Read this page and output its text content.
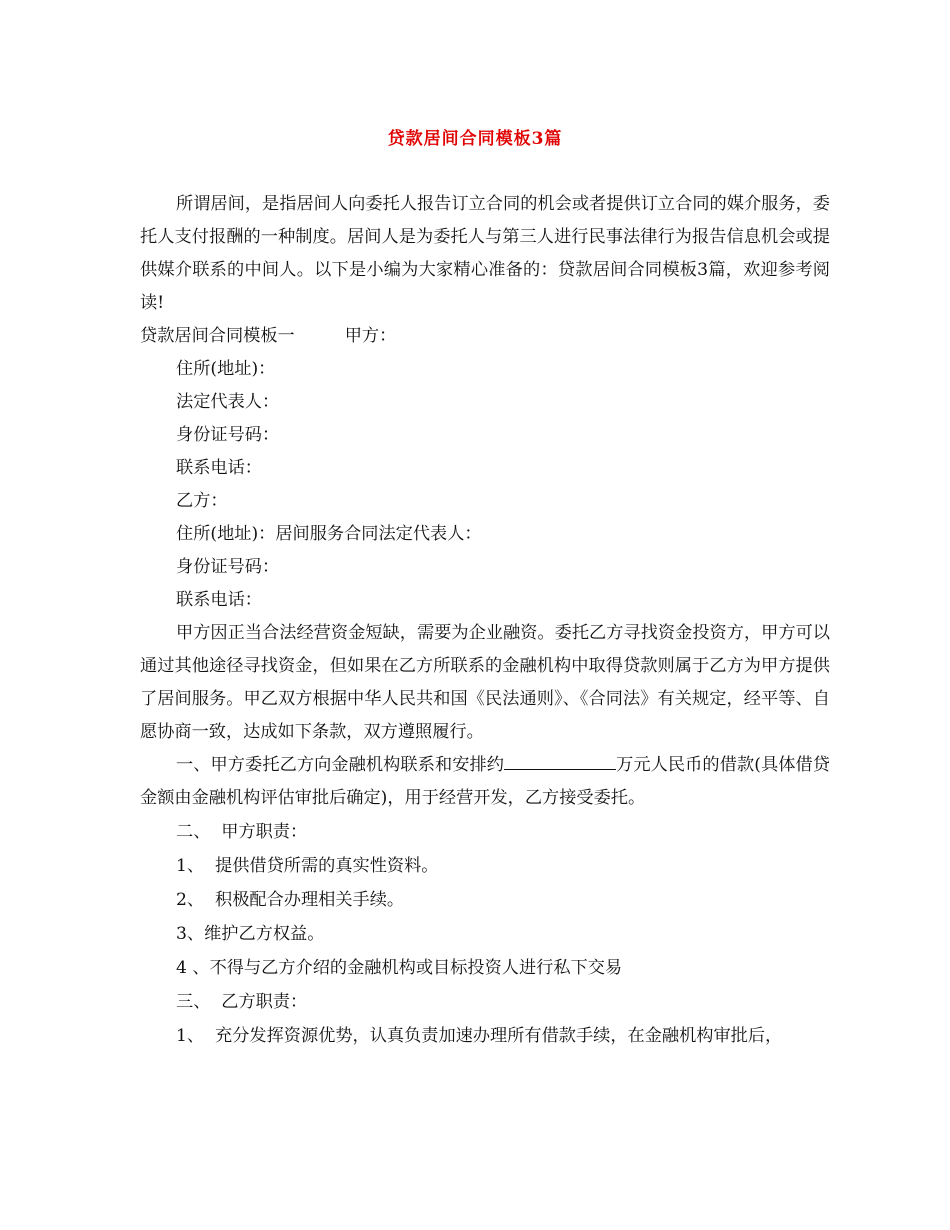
贷款居间合同模板3篇

所谓居间，是指居间人向委托人报告订立合同的机会或者提供订立合同的媒介服务，委托人支付报酬的一种制度。居间人是为委托人与第三人进行民事法律行为报告信息机会或提供媒介联系的中间人。以下是小编为大家精心准备的：贷款居间合同模板3篇，欢迎参考阅读!

贷款居间合同模板一	甲方：

住所(地址)：

法定代表人：

身份证号码：

联系电话：

乙方：

住所(地址)：居间服务合同法定代表人：

身份证号码：

联系电话：

甲方因正当合法经营资金短缺，需要为企业融资。委托乙方寻找资金投资方，甲方可以通过其他途径寻找资金，但如果在乙方所联系的金融机构中取得贷款则属于乙方为甲方提供了居间服务。甲乙双方根据中华人民共和国《民法通则》、《合同法》有关规定，经平等、自愿协商一致，达成如下条款，双方遵照履行。

一、甲方委托乙方向金融机构联系和安排约	万元人民币的借款(具体借贷金额由金融机构评估审批后确定)，用于经营开发，乙方接受委托。

二、  甲方职责：

1、  提供借贷所需的真实性资料。

2、  积极配合办理相关手续。

3、维护乙方权益。

4 、不得与乙方介绍的金融机构或目标投资人进行私下交易

三、  乙方职责：

1、  充分发挥资源优势，认真负责加速办理所有借款手续，在金融机构审批后，
